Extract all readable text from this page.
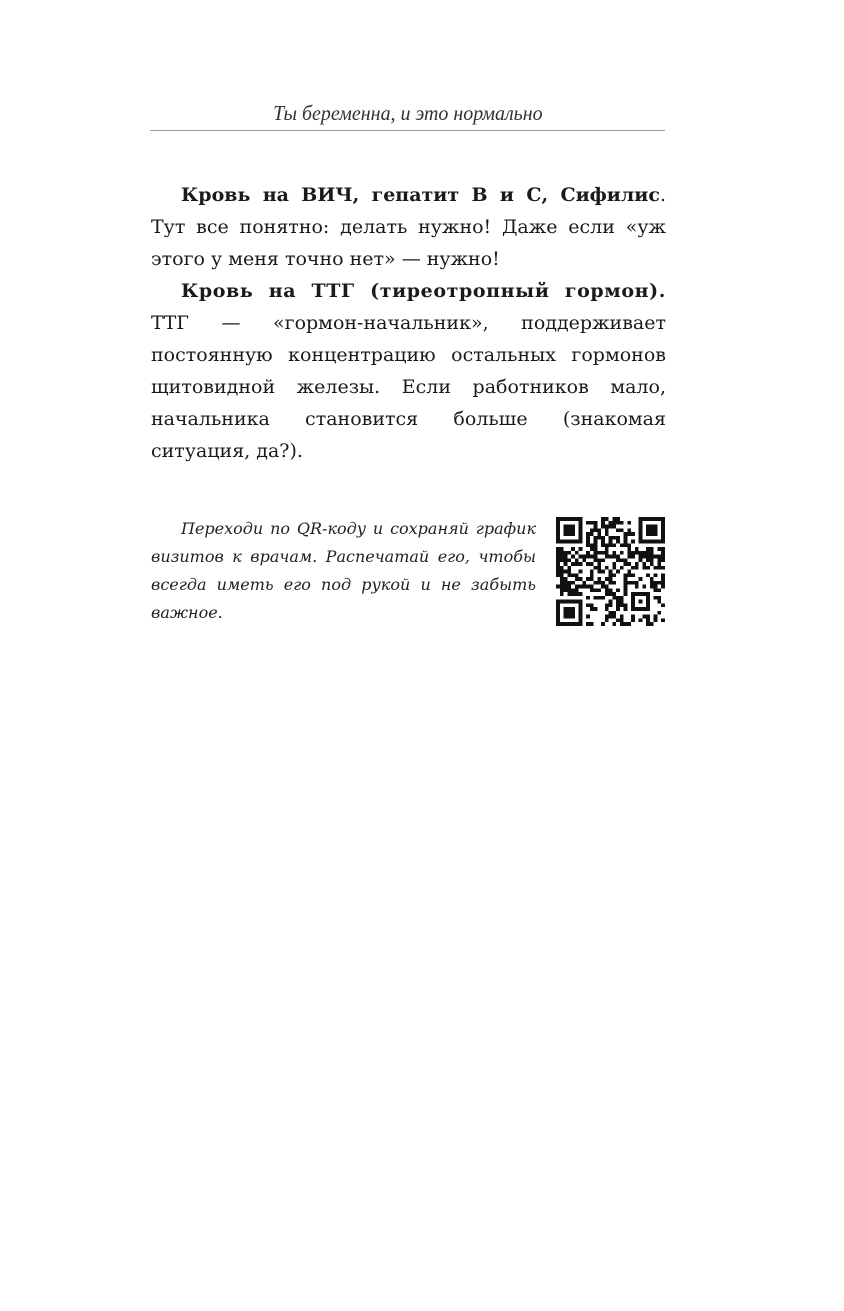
Ты беременна, и это нормально

Кровь на ВИЧ, гепатит В и С, Сифилис. Тут все понятно: делать нужно! Даже если «уж этого у меня точно нет» — нужно!

Кровь на ТТГ (тиреотропный гормон). ТТГ — «гормон-начальник», поддерживает постоянную концентрацию остальных гормонов щитовидной железы. Если работников мало, начальника становится больше (знакомая ситуация, да?).

Переходи по QR-коду и сохраняй график визитов к врачам. Распечатай его, чтобы всегда иметь его под рукой и не забыть важное.
